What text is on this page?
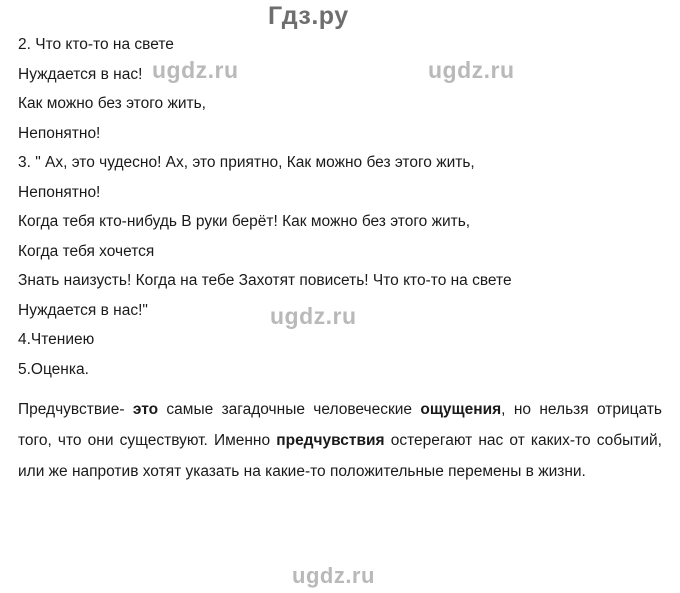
Гдз.ру
ugdz.ru	ugdz.ru
ugdz.ru
ugdz.ru
2. Что кто-то на свете
Нуждается в нас!
Как можно без этого жить,
Непонятно!
3. " Ах, это чудесно! Ах, это приятно, Как можно без этого жить,
Непонятно!
Когда тебя кто-нибудь В руки берёт! Как можно без этого жить,
Когда тебя хочется
Знать наизусть! Когда на тебе Захотят повисеть! Что кто-то на свете
Нуждается в нас!"
4.Чтениею
5.Оценка.
Предчувствие- это самые загадочные человеческие ощущения, но нельзя отрицать того, что они существуют. Именно предчувствия остерегают нас от каких-то событий, или же напротив хотят указать на какие-то положительные перемены в жизни.
